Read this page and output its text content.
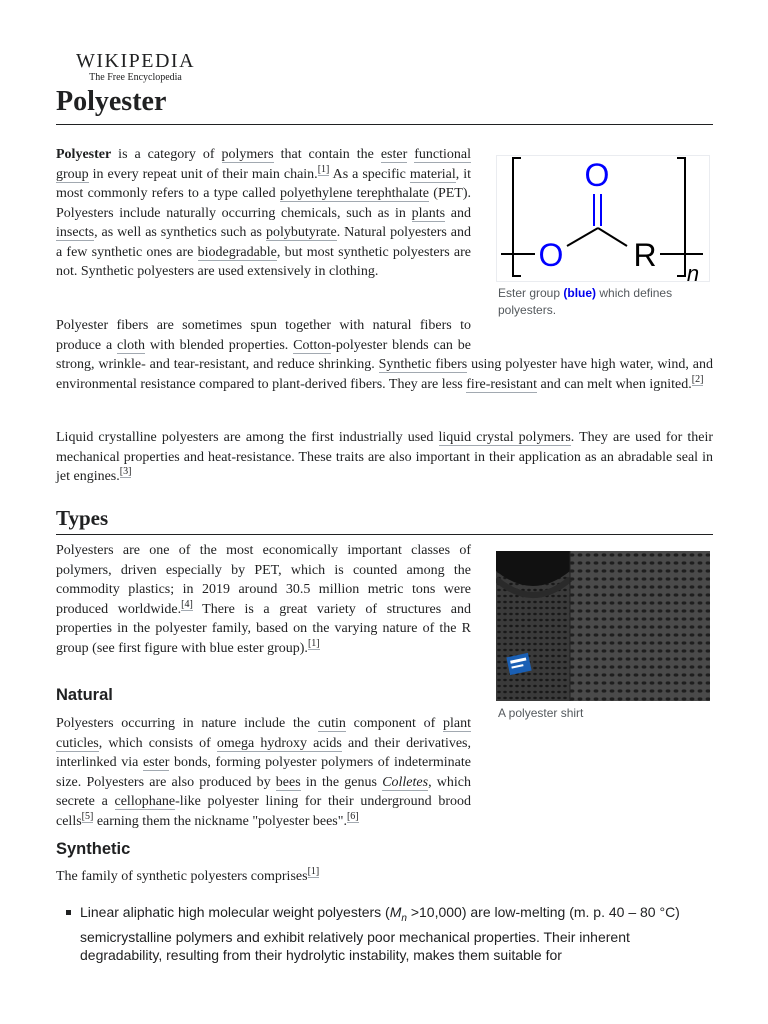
WIKIPEDIA
The Free Encyclopedia
Polyester

Polyester is a category of polymers that contain the ester functional group in every repeat unit of their main chain.[1] As a specific material, it most commonly refers to a type called polyethylene terephthalate (PET). Polyesters include naturally occurring chemicals, such as in plants and insects, as well as synthetics such as polybutyrate. Natural polyesters and a few synthetic ones are biodegradable, but most synthetic polyesters are not. Synthetic polyesters are used extensively in clothing.

O
O R
n
Ester group (blue) which defines polyesters.

Polyester fibers are sometimes spun together with natural fibers to produce a cloth with blended properties. Cotton-polyester blends can be strong, wrinkle- and tear-resistant, and reduce shrinking. Synthetic fibers using polyester have high water, wind, and environmental resistance compared to plant-derived fibers. They are less fire-resistant and can melt when ignited.[2]

Liquid crystalline polyesters are among the first industrially used liquid crystal polymers. They are used for their mechanical properties and heat-resistance. These traits are also important in their application as an abradable seal in jet engines.[3]

Types

Polyesters are one of the most economically important classes of polymers, driven especially by PET, which is counted among the commodity plastics; in 2019 around 30.5 million metric tons were produced worldwide.[4] There is a great variety of structures and properties in the polyester family, based on the varying nature of the R group (see first figure with blue ester group).[1]

A polyester shirt
Natural

Polyesters occurring in nature include the cutin component of plant cuticles, which consists of omega hydroxy acids and their derivatives, interlinked via ester bonds, forming polyester polymers of indeterminate size. Polyesters are also produced by bees in the genus Colletes, which secrete a cellophane-like polyester lining for their underground brood cells[5] earning them the nickname "polyester bees".[6]

Synthetic

The family of synthetic polyesters comprises[1]

Linear aliphatic high molecular weight polyesters $(M_n >10,000)$ are low-melting (m. p. 40 – 80 °C) semicrystalline polymers and exhibit relatively poor mechanical properties. Their inherent degradability, resulting from their hydrolytic instability, makes them suitable for
